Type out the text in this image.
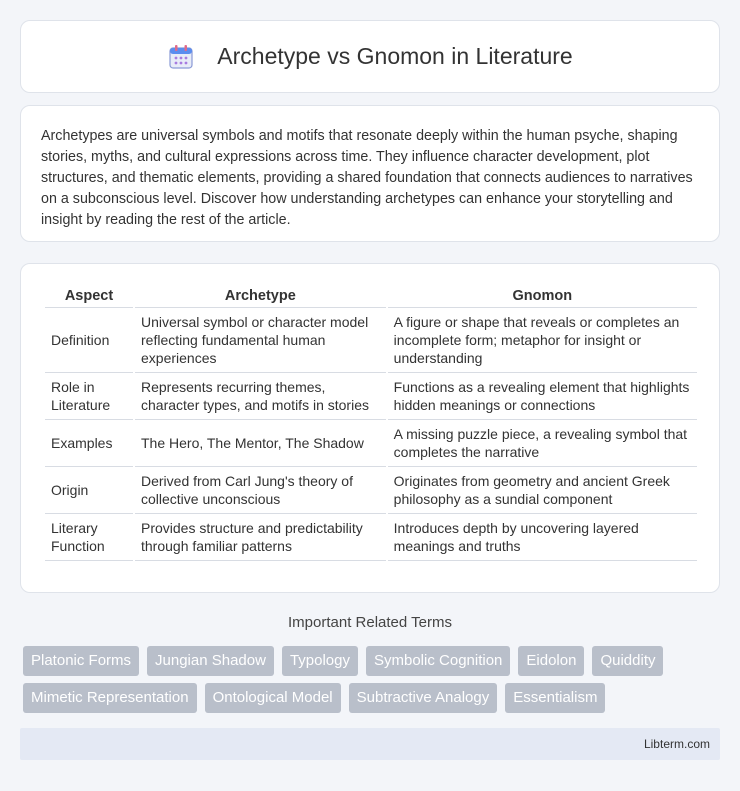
Archetype vs Gnomon in Literature

Archetypes are universal symbols and motifs that resonate deeply within the human psyche, shaping stories, myths, and cultural expressions across time. They influence character development, plot structures, and thematic elements, providing a shared foundation that connects audiences to narratives on a subconscious level. Discover how understanding archetypes can enhance your storytelling and insight by reading the rest of the article.

Aspect	Archetype	Gnomon
Definition	Universal symbol or character model reflecting fundamental human experiences	A figure or shape that reveals or completes an incomplete form; metaphor for insight or understanding
Role in Literature	Represents recurring themes, character types, and motifs in stories	Functions as a revealing element that highlights hidden meanings or connections
Examples	The Hero, The Mentor, The Shadow	A missing puzzle piece, a revealing symbol that completes the narrative
Origin	Derived from Carl Jung's theory of collective unconscious	Originates from geometry and ancient Greek philosophy as a sundial component
Literary Function	Provides structure and predictability through familiar patterns	Introduces depth by uncovering layered meanings and truths
Important Related Terms
Platonic Forms	Jungian Shadow	Typology	Symbolic Cognition	Eidolon	Quiddity
Mimetic Representation	Ontological Model	Subtractive Analogy	Essentialism
Libterm.com
